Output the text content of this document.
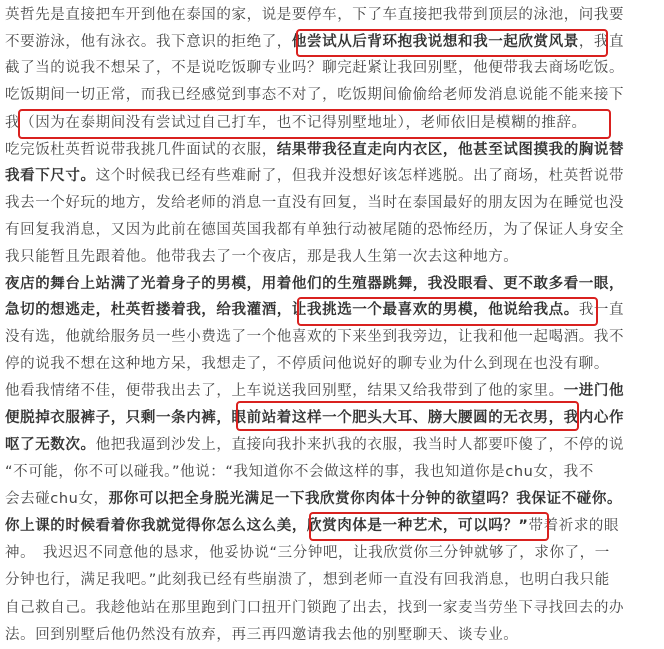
英哲先是直接把车开到他在泰国的家，说是要停车，下了车直接把我带到顶层的泳池，问我要
不要游泳，他有泳衣。我下意识的拒绝了，他尝试从后背环抱我说想和我一起欣赏风景，我直
截了当的说我不想呆了，不是说吃饭聊专业吗？聊完赶紧让我回别墅，他便带我去商场吃饭。
吃饭期间一切正常，而我已经感觉到事态不对了，吃饭期间偷偷给老师发消息说能不能来接下
我（因为在泰期间没有尝试过自己打车，也不记得别墅地址），老师依旧是模糊的推辞。
吃完饭杜英哲说带我挑几件面试的衣服，结果带我径直走向内衣区，他甚至试图摸我的胸说替
我看下尺寸。这个时候我已经有些难耐了，但我并没想好该怎样逃脱。出了商场，杜英哲说带
我去一个好玩的地方，发给老师的消息一直没有回复，当时在泰国最好的朋友因为在睡觉也没
有回复我消息，又因为此前在德国英国我都有单独行动被尾随的恐怖经历，为了保证人身安全
我只能暂且先跟着他。他带我去了一个夜店，那是我人生第一次去这种地方。
夜店的舞台上站满了光着身子的男模，用着他们的生殖器跳舞，我没眼看、更不敢多看一眼，
急切的想逃走，杜英哲搂着我，给我灌酒，让我挑选一个最喜欢的男模，他说给我点。我一直
没有选，他就给服务员一些小费选了一个他喜欢的下来坐到我旁边，让我和他一起喝酒。我不
停的说我不想在这种地方呆，我想走了，不停质问他说好的聊专业为什么到现在也没有聊。
他看我情绪不佳，便带我出去了，上车说送我回别墅，结果又给我带到了他的家里。一进门他
便脱掉衣服裤子，只剩一条内裤，眼前站着这样一个肥头大耳、膀大腰圆的无衣男，我内心作
呕了无数次。他把我逼到沙发上，直接向我扑来扒我的衣服，我当时人都要吓傻了，不停的说
“不可能，你不可以碰我。”他说：“我知道你不会做这样的事，我也知道你是chu女，我不
会去碰chu女，那你可以把全身脱光满足一下我欣赏你肉体十分钟的欲望吗？我保证不碰你。
你上课的时候看着你我就觉得你怎么这么美，欣赏肉体是一种艺术，可以吗？”带着祈求的眼
神。　我迟迟不同意他的恳求，他妥协说“三分钟吧，让我欣赏你三分钟就够了，求你了，一
分钟也行，满足我吧。”此刻我已经有些崩溃了，想到老师一直没有回我消息，也明白我只能
自己救自己。我趁他站在那里跑到门口扭开门锁跑了出去，找到一家麦当劳坐下寻找回去的办
法。回到别墅后他仍然没有放弃，再三再四邀请我去他的别墅聊天、谈专业。
